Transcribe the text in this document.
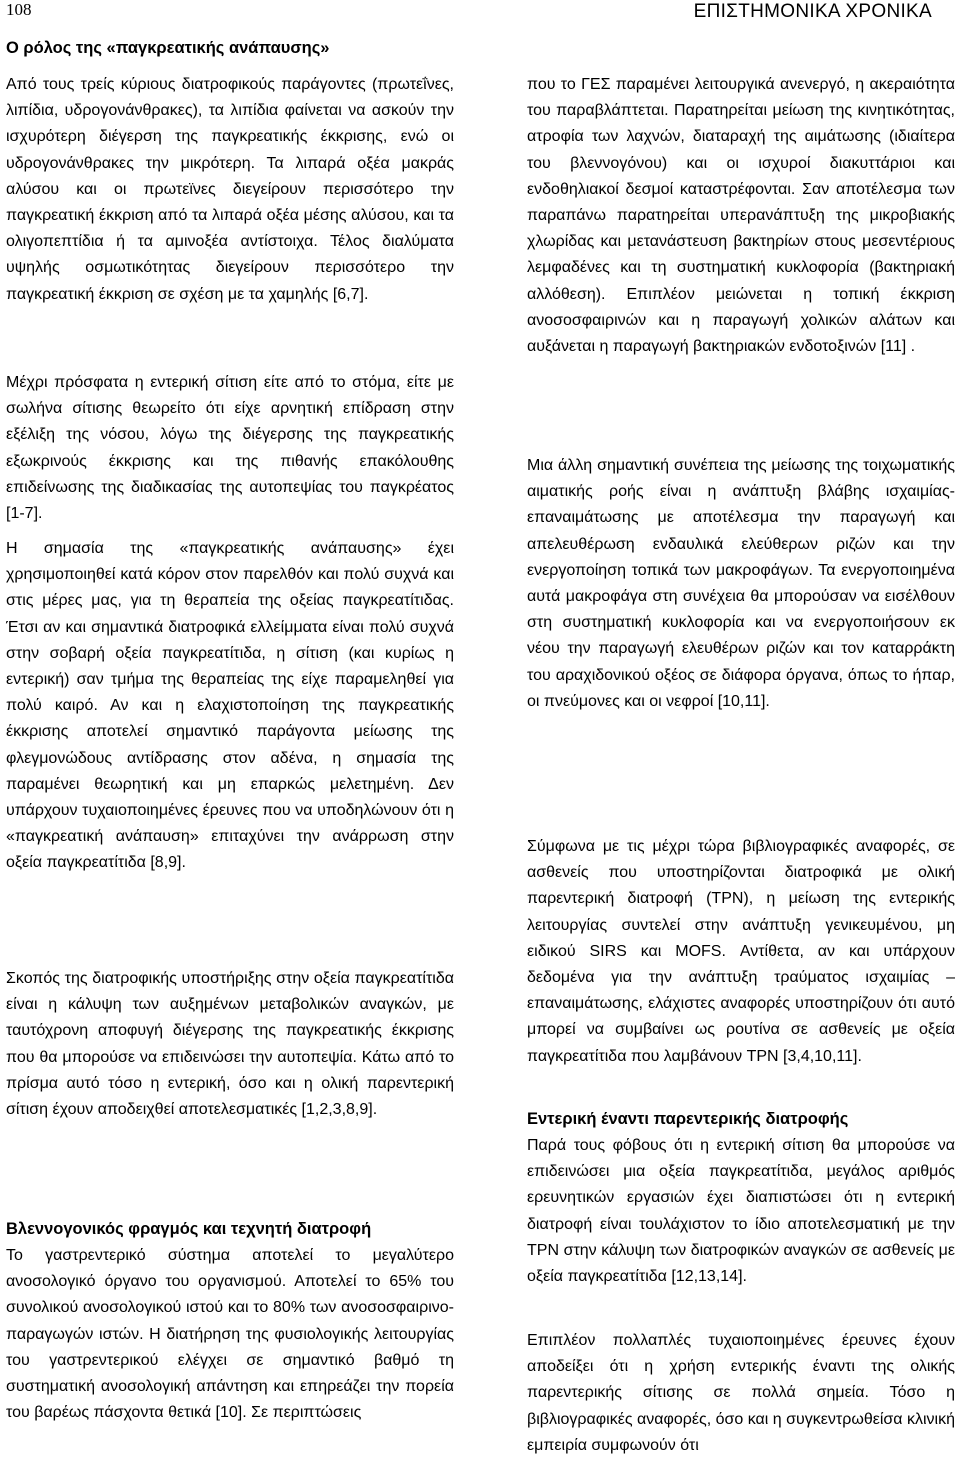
108	ΕΠΙΣΤΗΜΟΝΙΚΑ ΧΡΟΝΙΚΑ
Ο ρόλος της «παγκρεατικής ανάπαυσης»

Από τους τρείς κύριους διατροφικούς παράγοντες (πρωτεΐνες, λιπίδια, υδρογονάνθρακες), τα λιπίδια φαίνεται να ασκούν την ισχυρότερη διέγερση της παγκρεατικής έκκρισης, ενώ οι υδρογονάνθρακες την μικρότερη. Τα λιπαρά οξέα μακράς αλύσου και οι πρωτεϊνες διεγείρουν περισσότερο την παγκρεατική έκκριση από τα λιπαρά οξέα μέσης αλύσου, και τα ολιγοπεπτίδια ή τα αμινοξέα αντίστοιχα. Τέλος διαλύματα υψηλής οσμωτικότητας διεγείρουν περισσότερο την παγκρεατική έκκριση σε σχέση με τα χαμηλής [6,7].

Μέχρι πρόσφατα η εντερική σίτιση είτε από το στόμα, είτε με σωλήνα σίτισης θεωρείτο ότι είχε αρνητική επίδραση στην εξέλιξη της νόσου, λόγω της διέγερσης της παγκρεατικής εξωκρινούς έκκρισης και της πιθανής επακόλουθης επιδείνωσης της διαδικασίας της αυτοπεψίας του παγκρέατος [1-7].

Η σημασία της «παγκρεατικής ανάπαυσης» έχει χρησιμοποιηθεί κατά κόρον στον παρελθόν και πολύ συχνά και στις μέρες μας, για τη θεραπεία της οξείας παγκρεατίτιδας. Έτσι αν και σημαντικά διατροφικά ελλείμματα είναι πολύ συχνά στην σοβαρή οξεία παγκρεατίτιδα, η σίτιση (και κυρίως η εντερική) σαν τμήμα της θεραπείας της είχε παραμεληθεί για πολύ καιρό. Αν και η ελαχιστοποίηση της παγκρεατικής έκκρισης αποτελεί σημαντικό παράγοντα μείωσης της φλεγμονώδους αντίδρασης στον αδένα, η σημασία της παραμένει θεωρητική και μη επαρκώς μελετημένη. Δεν υπάρχουν τυχαιοποιημένες έρευνες που να υποδηλώνουν ότι η «παγκρεατική ανάπαυση» επιταχύνει την ανάρρωση στην οξεία παγκρεατίτιδα [8,9].

Σκοπός της διατροφικής υποστήριξης στην οξεία παγκρεατίτιδα είναι η κάλυψη των αυξημένων μεταβολικών αναγκών, με ταυτόχρονη αποφυγή διέγερσης της παγκρεατικής έκκρισης που θα μπορούσε να επιδεινώσει την αυτοπεψία. Κάτω από το πρίσμα αυτό τόσο η εντερική, όσο και η ολική παρεντερική σίτιση έχουν αποδειχθεί αποτελεσματικές [1,2,3,8,9].

Βλεννογονικός φραγμός και τεχνητή διατροφή

Το γαστρεντερικό σύστημα αποτελεί το μεγαλύτερο ανοσολογικό όργανο του οργανισμού. Αποτελεί το 65% του συνολικού ανοσολογικού ιστού και το 80% των ανοσοσφαιρινο-παραγωγών ιστών. Η διατήρηση της φυσιολογικής λειτουργίας του γαστρεντερικού ελέγχει σε σημαντικό βαθμό τη συστηματική ανοσολογική απάντηση και επηρεάζει την πορεία του βαρέως πάσχοντα θετικά [10]. Σε περιπτώσεις

που το ΓΕΣ παραμένει λειτουργικά ανενεργό, η ακεραιότητα του παραβλάπτεται. Παρατηρείται μείωση της κινητικότητας, ατροφία των λαχνών, διαταραχή της αιμάτωσης (ιδιαίτερα του βλεννογόνου) και οι ισχυροί διακυττάριοι και ενδοθηλιακοί δεσμοί καταστρέφονται. Σαν αποτέλεσμα των παραπάνω παρατηρείται υπερανάπτυξη της μικροβιακής χλωρίδας και μετανάστευση βακτηρίων στους μεσεντέριους λεμφαδένες και τη συστηματική κυκλοφορία (βακτηριακή αλλόθεση). Επιπλέον μειώνεται η τοπική έκκριση ανοσοσφαιρινών και η παραγωγή χολικών αλάτων και αυξάνεται η παραγωγή βακτηριακών ενδοτοξινών [11] .

Μια άλλη σημαντική συνέπεια της μείωσης της τοιχωματικής αιματικής ροής είναι η ανάπτυξη βλάβης ισχαιμίας-επαναιμάτωσης με αποτέλεσμα την παραγωγή και απελευθέρωση ενδαυλικά ελεύθερων ριζών και την ενεργοποίηση τοπικά των μακροφάγων. Τα ενεργοποιημένα αυτά μακροφάγα στη συνέχεια θα μπορούσαν να εισέλθουν στη συστηματική κυκλοφορία και να ενεργοποιήσουν εκ νέου την παραγωγή ελευθέρων ριζών και τον καταρράκτη του αραχιδονικού οξέος σε διάφορα όργανα, όπως το ήπαρ, οι πνεύμονες και οι νεφροί [10,11].

Σύμφωνα με τις μέχρι τώρα βιβλιογραφικές αναφορές, σε ασθενείς που υποστηρίζονται διατροφικά με ολική παρεντερική διατροφή (TPN), η μείωση της εντερικής λειτουργίας συντελεί στην ανάπτυξη γενικευμένου, μη ειδικού SIRS και MOFS. Αντίθετα, αν και υπάρχουν δεδομένα για την ανάπτυξη τραύματος ισχαιμίας – επαναιμάτωσης, ελάχιστες αναφορές υποστηρίζουν ότι αυτό μπορεί να συμβαίνει ως ρουτίνα σε ασθενείς με οξεία παγκρεατίτιδα που λαμβάνουν TPN [3,4,10,11].

Εντερική έναντι παρεντερικής διατροφής

Παρά τους φόβους ότι η εντερική σίτιση θα μπορούσε να επιδεινώσει μια οξεία παγκρεατίτιδα, μεγάλος αριθμός ερευνητικών εργασιών έχει διαπιστώσει ότι η εντερική διατροφή είναι τουλάχιστον το ίδιο αποτελεσματική με την TPN στην κάλυψη των διατροφικών αναγκών σε ασθενείς με οξεία παγκρεατίτιδα [12,13,14].

Επιπλέον πολλαπλές τυχαιοποιημένες έρευνες έχουν αποδείξει ότι η χρήση εντερικής έναντι της ολικής παρεντερικής σίτισης σε πολλά σημεία. Τόσο η βιβλιογραφικές αναφορές, όσο και η συγκεντρωθείσα κλινική εμπειρία συμφωνούν ότι
